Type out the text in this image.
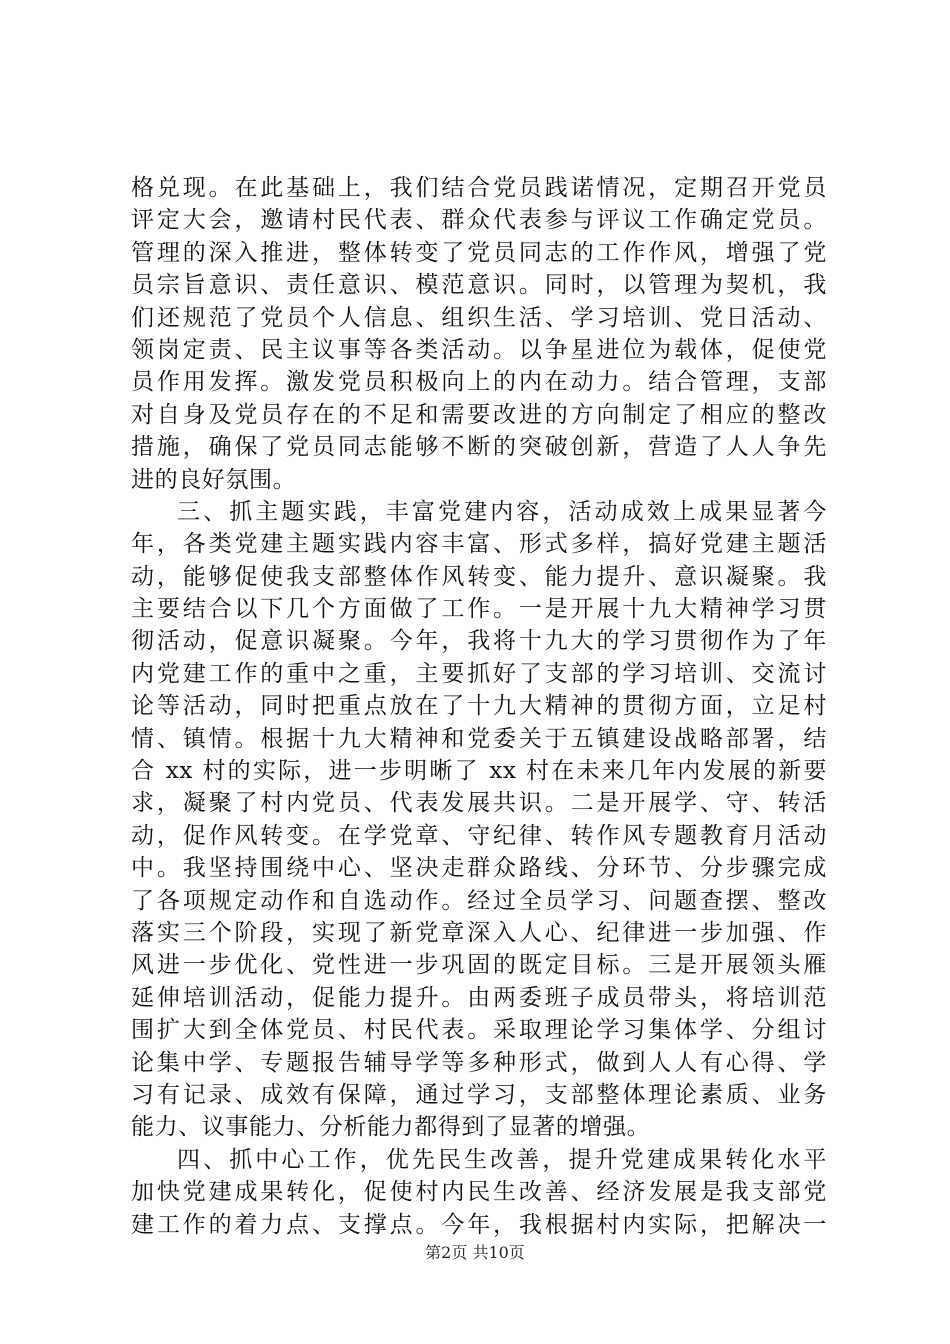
格兑现。在此基础上，我们结合党员践诺情况，定期召开党员
评定大会，邀请村民代表、群众代表参与评议工作确定党员。
管理的深入推进，整体转变了党员同志的工作作风，增强了党
员宗旨意识、责任意识、模范意识。同时，以管理为契机，我
们还规范了党员个人信息、组织生活、学习培训、党日活动、
领岗定责、民主议事等各类活动。以争星进位为载体，促使党
员作用发挥。激发党员积极向上的内在动力。结合管理，支部
对自身及党员存在的不足和需要改进的方向制定了相应的整改
措施，确保了党员同志能够不断的突破创新，营造了人人争先
进的良好氛围。
三、抓主题实践，丰富党建内容，活动成效上成果显著今
年，各类党建主题实践内容丰富、形式多样，搞好党建主题活
动，能够促使我支部整体作风转变、能力提升、意识凝聚。我
主要结合以下几个方面做了工作。一是开展十九大精神学习贯
彻活动，促意识凝聚。今年，我将十九大的学习贯彻作为了年
内党建工作的重中之重，主要抓好了支部的学习培训、交流讨
论等活动，同时把重点放在了十九大精神的贯彻方面，立足村
情、镇情。根据十九大精神和党委关于五镇建设战略部署，结
合 xx 村的实际，进一步明晰了 xx 村在未来几年内发展的新要
求，凝聚了村内党员、代表发展共识。二是开展学、守、转活
动，促作风转变。在学党章、守纪律、转作风专题教育月活动
中。我坚持围绕中心、坚决走群众路线、分环节、分步骤完成
了各项规定动作和自选动作。经过全员学习、问题查摆、整改
落实三个阶段，实现了新党章深入人心、纪律进一步加强、作
风进一步优化、党性进一步巩固的既定目标。三是开展领头雁
延伸培训活动，促能力提升。由两委班子成员带头，将培训范
围扩大到全体党员、村民代表。采取理论学习集体学、分组讨
论集中学、专题报告辅导学等多种形式，做到人人有心得、学
习有记录、成效有保障，通过学习，支部整体理论素质、业务
能力、议事能力、分析能力都得到了显著的增强。
四、抓中心工作，优先民生改善，提升党建成果转化水平
加快党建成果转化，促使村内民生改善、经济发展是我支部党
建工作的着力点、支撑点。今年，我根据村内实际，把解决一
第2页 共10页
